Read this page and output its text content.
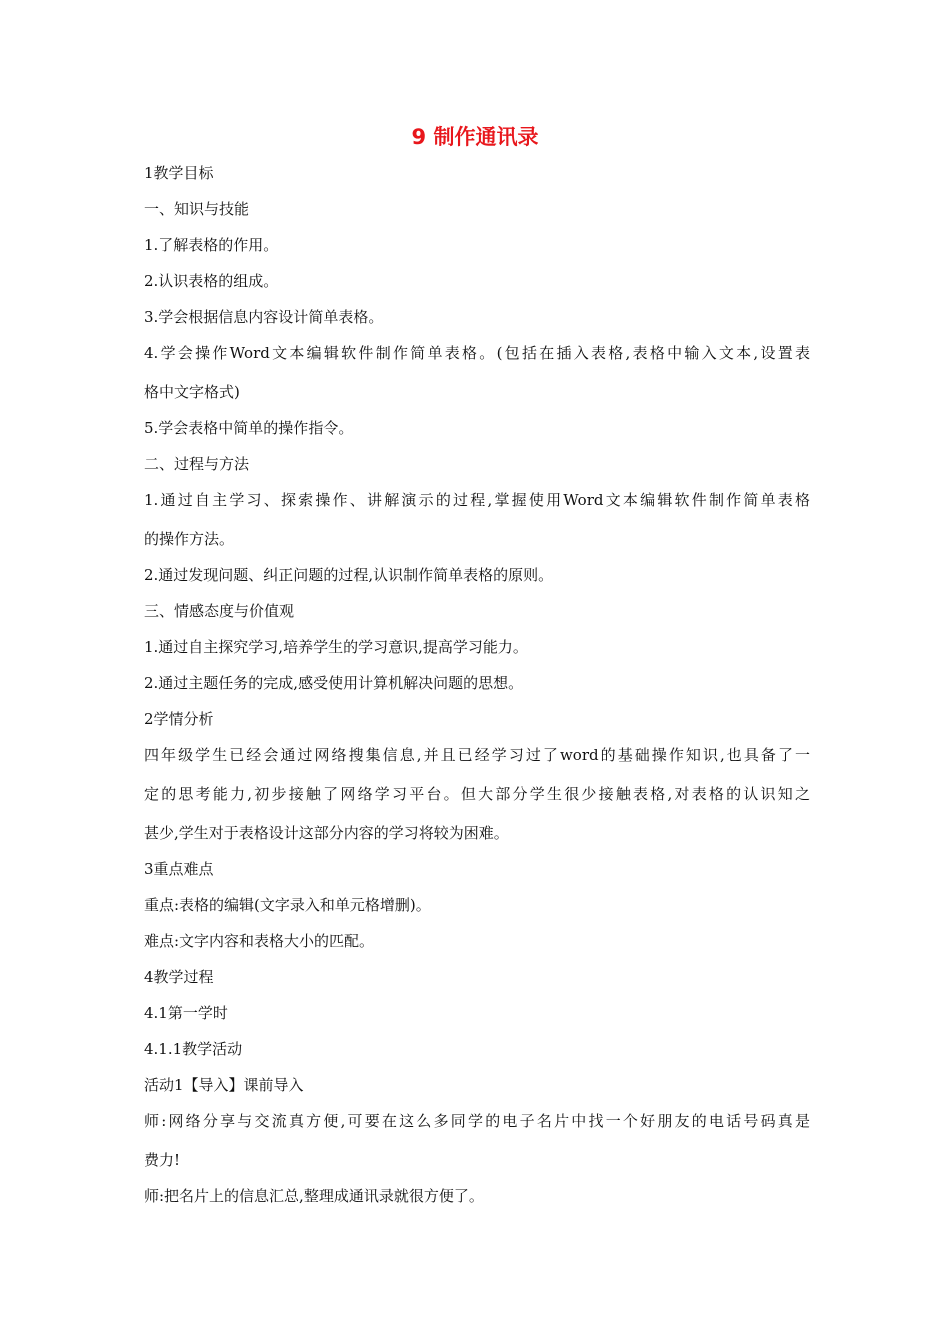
9 制作通讯录

1教学目标

一、知识与技能

1.了解表格的作用。

2.认识表格的组成。

3.学会根据信息内容设计简单表格。

4.学会操作Word文本编辑软件制作简单表格。(包括在插入表格,表格中输入文本,设置表

格中文字格式)

5.学会表格中简单的操作指令。

二、过程与方法

1.通过自主学习、探索操作、讲解演示的过程,掌握使用Word文本编辑软件制作简单表格

的操作方法。

2.通过发现问题、纠正问题的过程,认识制作简单表格的原则。

三、情感态度与价值观

1.通过自主探究学习,培养学生的学习意识,提高学习能力。

2.通过主题任务的完成,感受使用计算机解决问题的思想。

2学情分析

四年级学生已经会通过网络搜集信息,并且已经学习过了word的基础操作知识,也具备了一

定的思考能力,初步接触了网络学习平台。但大部分学生很少接触表格,对表格的认识知之

甚少,学生对于表格设计这部分内容的学习将较为困难。

3重点难点

重点:表格的编辑(文字录入和单元格增删)。

难点:文字内容和表格大小的匹配。

4教学过程

4.1第一学时

4.1.1教学活动

活动1【导入】课前导入

师:网络分享与交流真方便,可要在这么多同学的电子名片中找一个好朋友的电话号码真是

费力!

师:把名片上的信息汇总,整理成通讯录就很方便了。
